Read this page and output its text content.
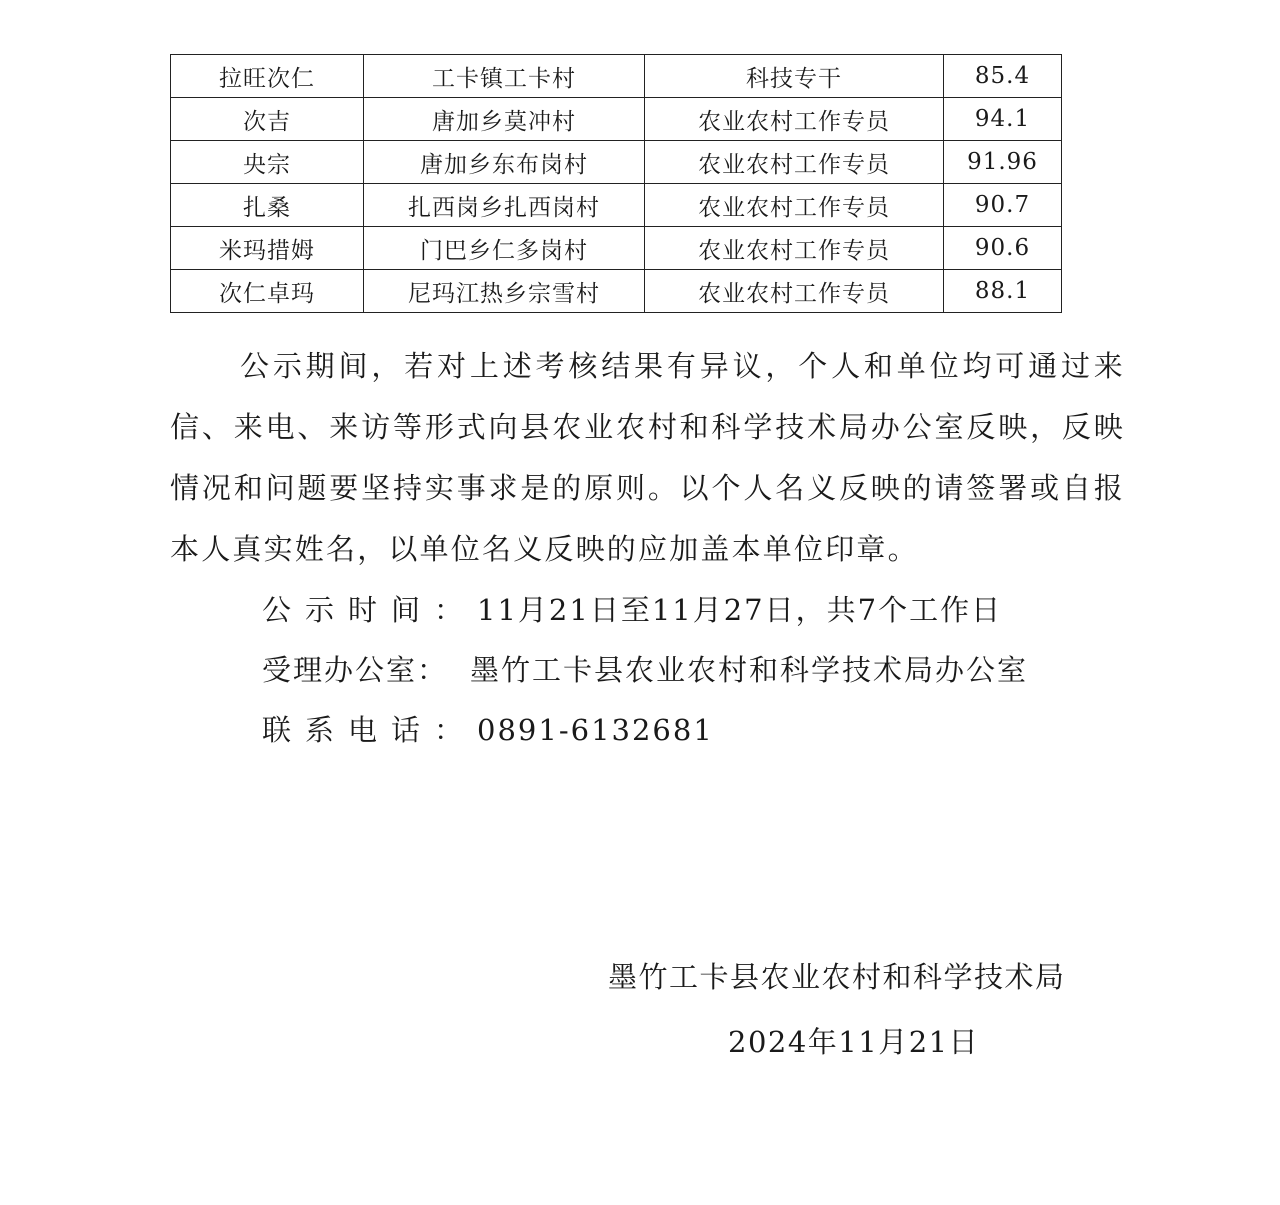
拉旺次仁	工卡镇工卡村	科技专干	85.4
次吉	唐加乡莫冲村	农业农村工作专员	94.1
央宗	唐加乡东布岗村	农业农村工作专员	91.96
扎桑	扎西岗乡扎西岗村	农业农村工作专员	90.7
米玛措姆	门巴乡仁多岗村	农业农村工作专员	90.6
次仁卓玛	尼玛江热乡宗雪村	农业农村工作专员	88.1

公示期间，若对上述考核结果有异议，个人和单位均可通过来信、来电、来访等形式向县农业农村和科学技术局办公室反映，反映情况和问题要坚持实事求是的原则。以个人名义反映的请签署或自报本人真实姓名，以单位名义反映的应加盖本单位印章。

公示时间：11月21日至11月27日，共7个工作日
受理办公室： 墨竹工卡县农业农村和科学技术局办公室
联系电话：0891-6132681
墨竹工卡县农业农村和科学技术局
2024年11月21日
